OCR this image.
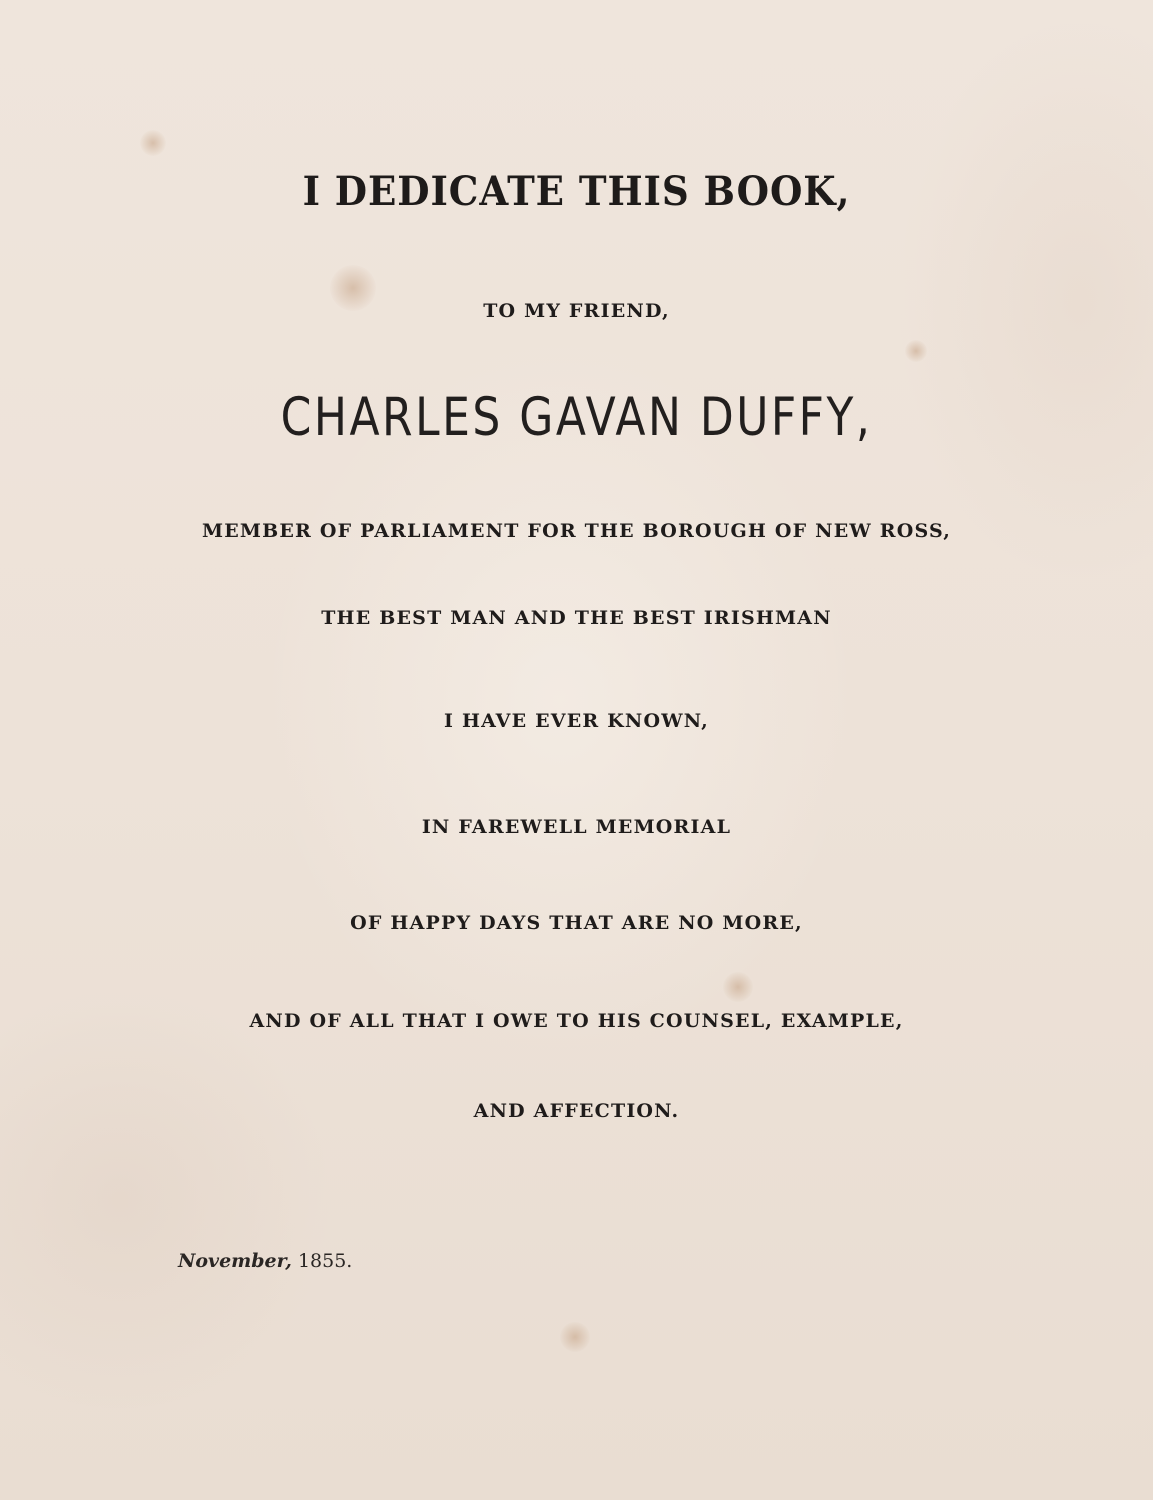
I DEDICATE THIS BOOK,

TO MY FRIEND,

CHARLES GAVAN DUFFY,

MEMBER OF PARLIAMENT FOR THE BOROUGH OF NEW ROSS,

THE BEST MAN AND THE BEST IRISHMAN

I HAVE EVER KNOWN,

IN FAREWELL MEMORIAL

OF HAPPY DAYS THAT ARE NO MORE,

AND OF ALL THAT I OWE TO HIS COUNSEL, EXAMPLE,

AND AFFECTION.

November, 1855.
